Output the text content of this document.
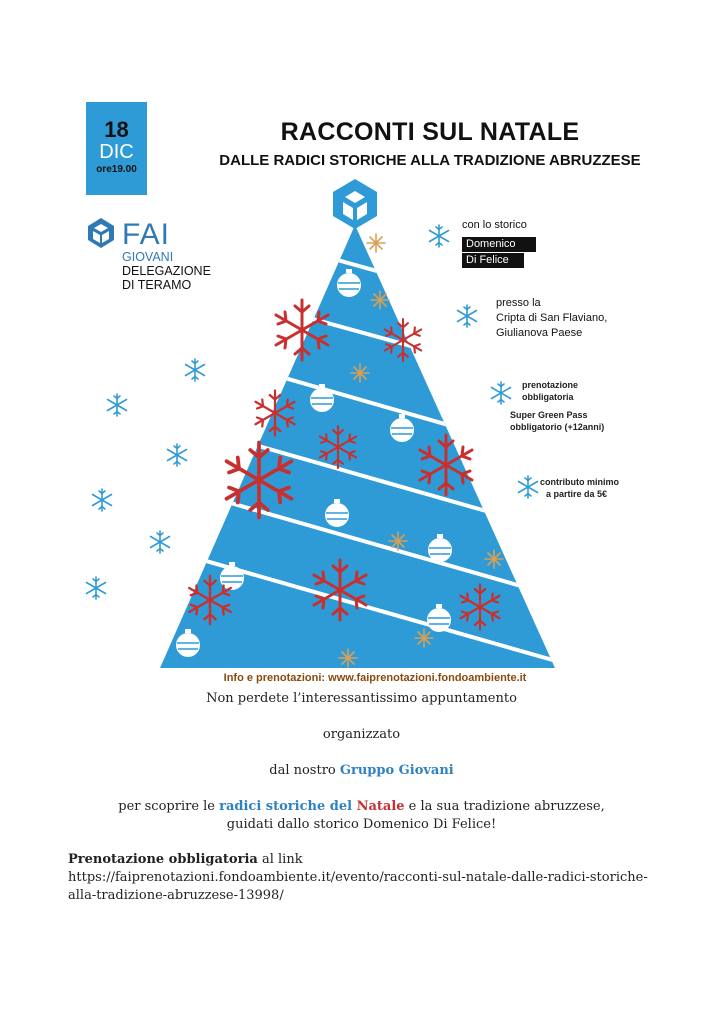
18
DIC
ore19.00
RACCONTI SUL NATALE
DALLE RADICI STORICHE ALLA TRADIZIONE ABRUZZESE
FAI
GIOVANI
DELEGAZIONE
DI TERAMO
con lo storico
Domenico
Di Felice
presso la
Cripta di San Flaviano,
Giulianova Paese
prenotazione
obbligatoria
Super Green Pass
obbligatorio (+12anni)
contributo minimo
a partire da 5€
Info e prenotazioni: www.faiprenotazioni.fondoambiente.it
Non perdete l’interessantissimo appuntamento
organizzato
dal nostro Gruppo Giovani
per scoprire le radici storiche del Natale e la sua tradizione abruzzese,
guidati dallo storico Domenico Di Felice!
Prenotazione obbligatoria al link
https://faiprenotazioni.fondoambiente.it/evento/racconti-sul-natale-dalle-radici-storiche-
alla-tradizione-abruzzese-13998/
